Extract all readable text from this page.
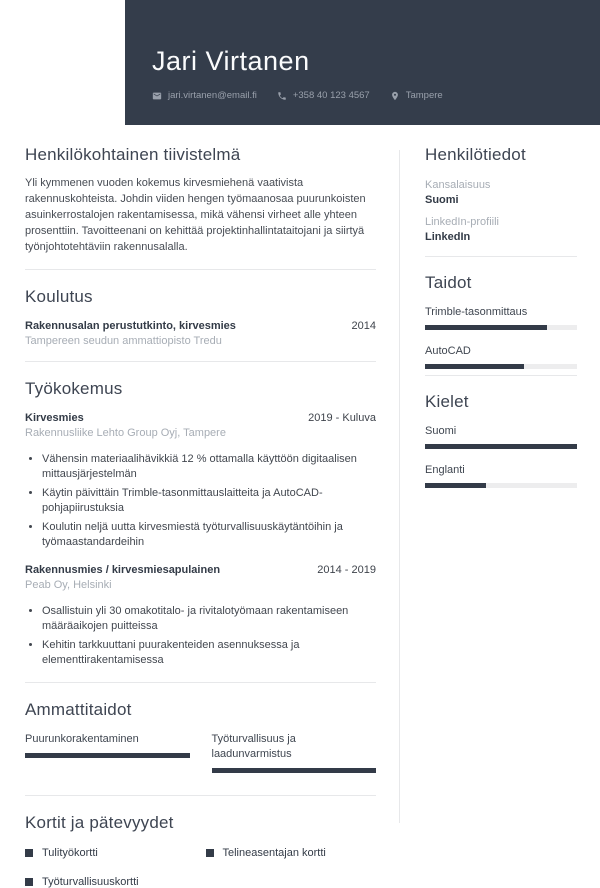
Jari Virtanen
jari.virtanen@email.fi	+358 40 123 4567	Tampere
Henkilökohtainen tiivistelmä

Yli kymmenen vuoden kokemus kirvesmiehenä vaativista rakennuskohteista. Johdin viiden hengen työmaanosaa puurunkoisten asuinkerrostalojen rakentamisessa, mikä vähensi virheet alle yhteen prosenttiin. Tavoitteenani on kehittää projektinhallintataitojani ja siirtyä työnjohtotehtäviin rakennusalalla.

Koulutus
Rakennusalan perustutkinto, kirvesmies	2014
Tampereen seudun ammattiopisto Tredu
Työkokemus
Kirvesmies	2019 - Kuluva
Rakennusliike Lehto Group Oyj, Tampere
• Vähensin materiaalihävikkiä 12 % ottamalla käyttöön digitaalisen mittausjärjestelmän
• Käytin päivittäin Trimble-tasonmittauslaitteita ja AutoCAD-pohjapiirustuksia
• Koulutin neljä uutta kirvesmiestä työturvallisuuskäytäntöihin ja työmaastandardeihin
Rakennusmies / kirvesmiesapulainen	2014 - 2019
Peab Oy, Helsinki
• Osallistuin yli 30 omakotitalo- ja rivitalotyömaan rakentamiseen määräaikojen puitteissa
• Kehitin tarkkuuttani puurakenteiden asennuksessa ja elementtirakentamisessa
Ammattitaidot
Puurunkorakentaminen	Työturvallisuus ja laadunvarmistus
Kortit ja pätevyydet
Tulityökortti	Telineasentajan kortti
Työturvallisuuskortti
Henkilötiedot
Kansalaisuus
Suomi
LinkedIn-profiili
LinkedIn
Taidot
Trimble-tasonmittaus
AutoCAD
Kielet
Suomi
Englanti
